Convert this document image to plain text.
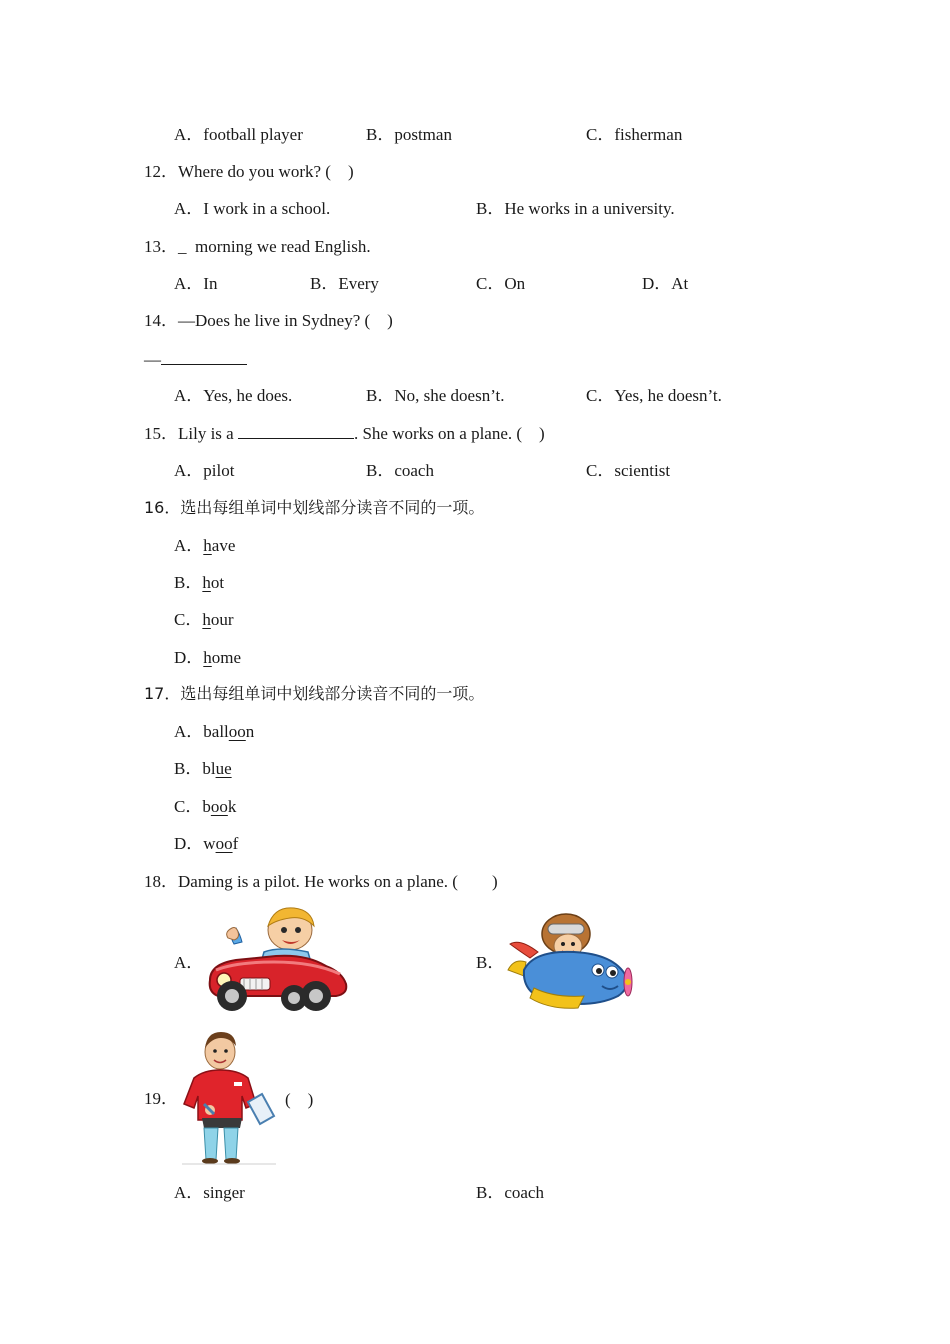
A．football player	B．postman	C．fisherman
12．Where do you work? (　)
A．I work in a school.	B．He works in a university.
13．_ morning we read English.
A．In	B．Every	C．On	D．At
14．—Does he live in Sydney? (　)
—
A．Yes, he does.	B．No, she doesn’t.	C．Yes, he doesn’t.
15．Lily is a	. She works on a plane. (　)
A．pilot	B．coach	C．scientist
16．选出每组单词中划线部分读音不同的一项。
A．have
B．hot
C．hour
D．home
17．选出每组单词中划线部分读音不同的一项。
A．balloon
B．blue
C．book
D．woof
18．Daming is a pilot. He works on a plane. (　　)
A．	B．
19．	(　)
A．singer	B．coach
